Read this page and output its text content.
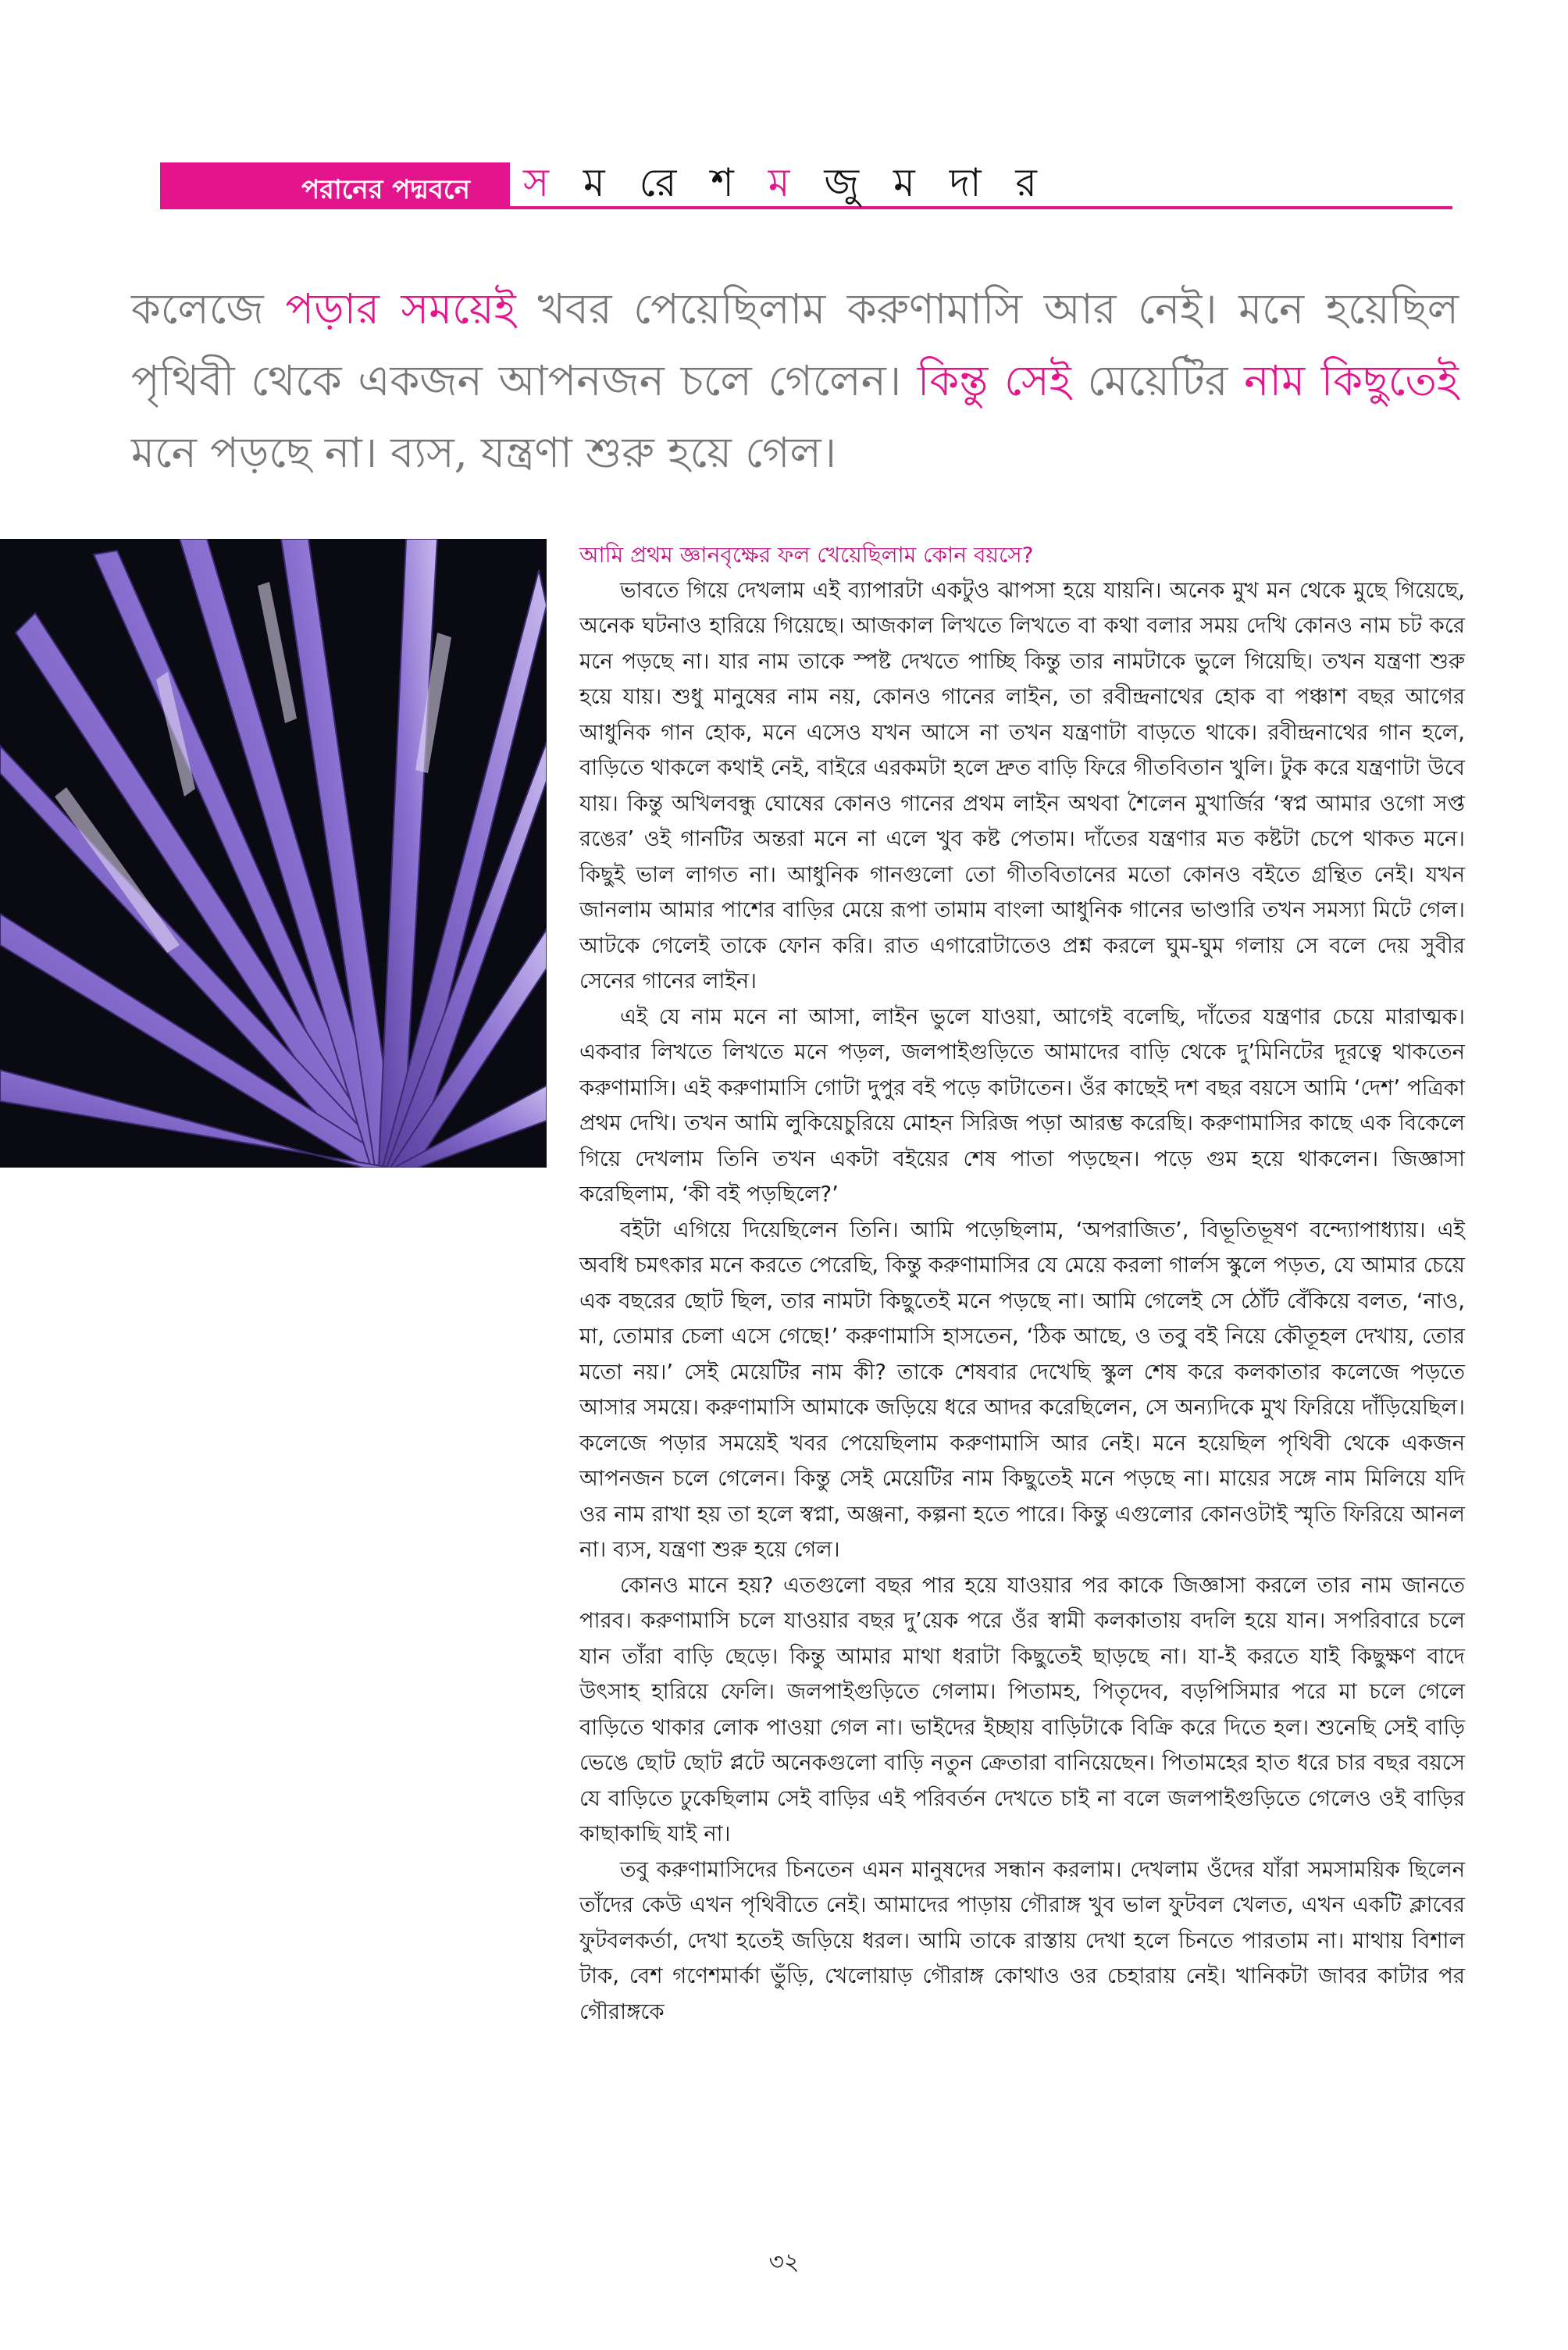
পরানের পদ্মবনে	স ম রে শ ম জু ম দা র

কলেজে পড়ার সময়েই খবর পেয়েছিলাম করুণামাসি আর নেই। মনে হয়েছিল পৃথিবী থেকে একজন আপনজন চলে গেলেন। কিন্তু সেই মেয়েটির নাম কিছুতেই মনে পড়ছে না। ব্যস, যন্ত্রণা শুরু হয়ে গেল।

আমি প্রথম জ্ঞানবৃক্ষের ফল খেয়েছিলাম কোন বয়সে?

ভাবতে গিয়ে দেখলাম এই ব্যাপারটা একটুও ঝাপসা হয়ে যায়নি। অনেক মুখ মন থেকে মুছে গিয়েছে, অনেক ঘটনাও হারিয়ে গিয়েছে। আজকাল লিখতে লিখতে বা কথা বলার সময় দেখি কোনও নাম চট করে মনে পড়ছে না। যার নাম তাকে স্পষ্ট দেখতে পাচ্ছি কিন্তু তার নামটাকে ভুলে গিয়েছি। তখন যন্ত্রণা শুরু হয়ে যায়। শুধু মানুষের নাম নয়, কোনও গানের লাইন, তা রবীন্দ্রনাথের হোক বা পঞ্চাশ বছর আগের আধুনিক গান হোক, মনে এসেও যখন আসে না তখন যন্ত্রণাটা বাড়তে থাকে। রবীন্দ্রনাথের গান হলে, বাড়িতে থাকলে কথাই নেই, বাইরে এরকমটা হলে দ্রুত বাড়ি ফিরে গীতবিতান খুলি। টুক করে যন্ত্রণাটা উবে যায়। কিন্তু অখিলবন্ধু ঘোষের কোনও গানের প্রথম লাইন অথবা শৈলেন মুখার্জির ‘স্বপ্ন আমার ওগো সপ্ত রঙের’ ওই গানটির অন্তরা মনে না এলে খুব কষ্ট পেতাম। দাঁতের যন্ত্রণার মত কষ্টটা চেপে থাকত মনে। কিছুই ভাল লাগত না। আধুনিক গানগুলো তো গীতবিতানের মতো কোনও বইতে গ্রন্থিত নেই। যখন জানলাম আমার পাশের বাড়ির মেয়ে রূপা তামাম বাংলা আধুনিক গানের ভাণ্ডারি তখন সমস্যা মিটে গেল। আটকে গেলেই তাকে ফোন করি। রাত এগারোটাতেও প্রশ্ন করলে ঘুম-ঘুম গলায় সে বলে দেয় সুবীর সেনের গানের লাইন।

এই যে নাম মনে না আসা, লাইন ভুলে যাওয়া, আগেই বলেছি, দাঁতের যন্ত্রণার চেয়ে মারাত্মক। একবার লিখতে লিখতে মনে পড়ল, জলপাইগুড়িতে আমাদের বাড়ি থেকে দু’মিনিটের দূরত্বে থাকতেন করুণামাসি। এই করুণামাসি গোটা দুপুর বই পড়ে কাটাতেন। ওঁর কাছেই দশ বছর বয়সে আমি ‘দেশ’ পত্রিকা প্রথম দেখি। তখন আমি লুকিয়েচুরিয়ে মোহন সিরিজ পড়া আরম্ভ করেছি। করুণামাসির কাছে এক বিকেলে গিয়ে দেখলাম তিনি তখন একটা বইয়ের শেষ পাতা পড়ছেন। পড়ে গুম হয়ে থাকলেন। জিজ্ঞাসা করেছিলাম, ‘কী বই পড়ছিলে?’

বইটা এগিয়ে দিয়েছিলেন তিনি। আমি পড়েছিলাম, ‘অপরাজিত’, বিভূতিভূষণ বন্দ্যোপাধ্যায়। এই অবধি চমৎকার মনে করতে পেরেছি, কিন্তু করুণামাসির যে মেয়ে করলা গার্লস স্কুলে পড়ত, যে আমার চেয়ে এক বছরের ছোট ছিল, তার নামটা কিছুতেই মনে পড়ছে না। আমি গেলেই সে ঠোঁট বেঁকিয়ে বলত, ‘নাও, মা, তোমার চেলা এসে গেছে!’ করুণামাসি হাসতেন, ‘ঠিক আছে, ও তবু বই নিয়ে কৌতূহল দেখায়, তোর মতো নয়।’ সেই মেয়েটির নাম কী? তাকে শেষবার দেখেছি স্কুল শেষ করে কলকাতার কলেজে পড়তে আসার সময়ে। করুণামাসি আমাকে জড়িয়ে ধরে আদর করেছিলেন, সে অন্যদিকে মুখ ফিরিয়ে দাঁড়িয়েছিল। কলেজে পড়ার সময়েই খবর পেয়েছিলাম করুণামাসি আর নেই। মনে হয়েছিল পৃথিবী থেকে একজন আপনজন চলে গেলেন। কিন্তু সেই মেয়েটির নাম কিছুতেই মনে পড়ছে না। মায়ের সঙ্গে নাম মিলিয়ে যদি ওর নাম রাখা হয় তা হলে স্বপ্না, অঞ্জনা, কল্পনা হতে পারে। কিন্তু এগুলোর কোনওটাই স্মৃতি ফিরিয়ে আনল না। ব্যস, যন্ত্রণা শুরু হয়ে গেল।

কোনও মানে হয়? এতগুলো বছর পার হয়ে যাওয়ার পর কাকে জিজ্ঞাসা করলে তার নাম জানতে পারব। করুণামাসি চলে যাওয়ার বছর দু’য়েক পরে ওঁর স্বামী কলকাতায় বদলি হয়ে যান। সপরিবারে চলে যান তাঁরা বাড়ি ছেড়ে। কিন্তু আমার মাথা ধরাটা কিছুতেই ছাড়ছে না। যা-ই করতে যাই কিছুক্ষণ বাদে উৎসাহ হারিয়ে ফেলি। জলপাইগুড়িতে গেলাম। পিতামহ, পিতৃদেব, বড়পিসিমার পরে মা চলে গেলে বাড়িতে থাকার লোক পাওয়া গেল না। ভাইদের ইচ্ছায় বাড়িটাকে বিক্রি করে দিতে হল। শুনেছি সেই বাড়ি ভেঙে ছোট ছোট প্লটে অনেকগুলো বাড়ি নতুন ক্রেতারা বানিয়েছেন। পিতামহের হাত ধরে চার বছর বয়সে যে বাড়িতে ঢুকেছিলাম সেই বাড়ির এই পরিবর্তন দেখতে চাই না বলে জলপাইগুড়িতে গেলেও ওই বাড়ির কাছাকাছি যাই না।

তবু করুণামাসিদের চিনতেন এমন মানুষদের সন্ধান করলাম। দেখলাম ওঁদের যাঁরা সমসাময়িক ছিলেন তাঁদের কেউ এখন পৃথিবীতে নেই। আমাদের পাড়ায় গৌরাঙ্গ খুব ভাল ফুটবল খেলত, এখন একটি ক্লাবের ফুটবলকর্তা, দেখা হতেই জড়িয়ে ধরল। আমি তাকে রাস্তায় দেখা হলে চিনতে পারতাম না। মাথায় বিশাল টাক, বেশ গণেশমার্কা ভুঁড়ি, খেলোয়াড় গৌরাঙ্গ কোথাও ওর চেহারায় নেই। খানিকটা জাবর কাটার পর গৌরাঙ্গকে

৩২
